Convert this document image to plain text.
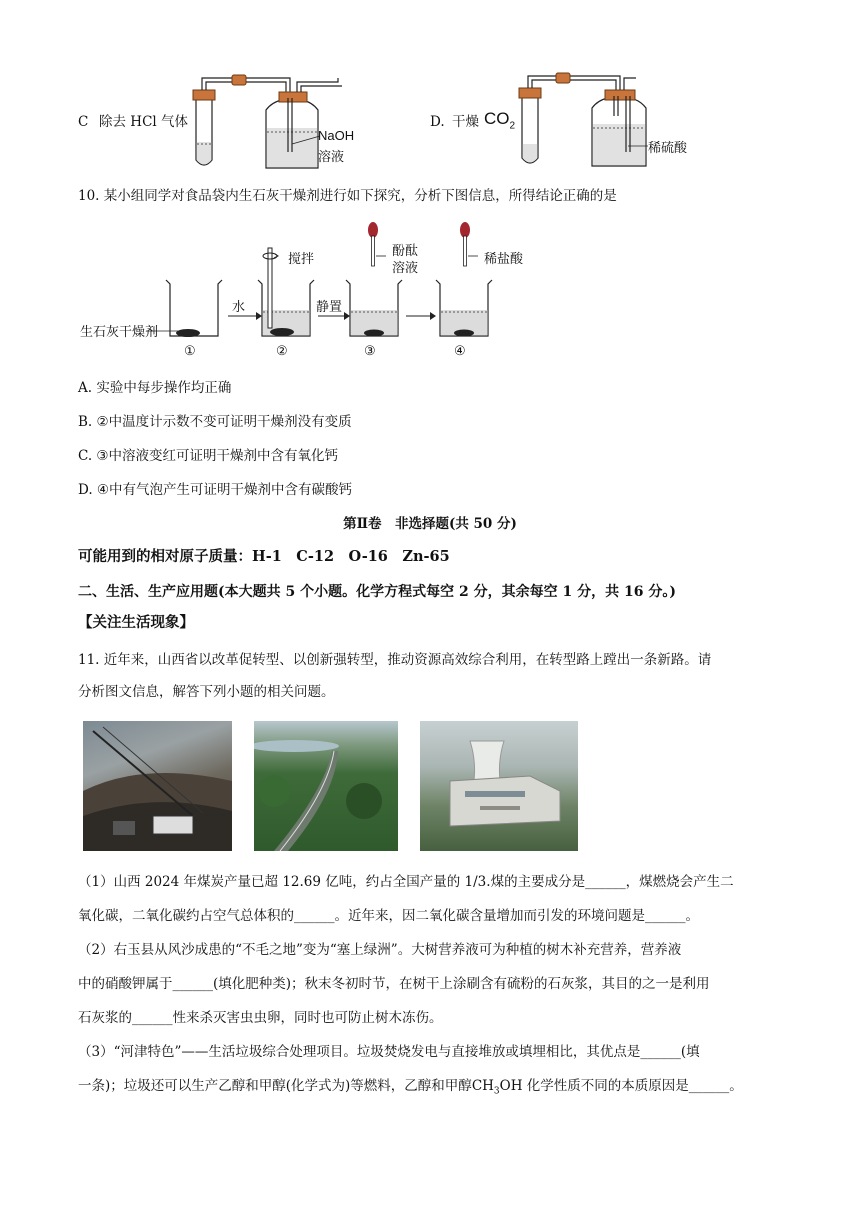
C 除去 HCl 气体
NaOH
溶液
D. 干燥 $CO_2$
稀硫酸
10. 某小组同学对食品袋内生石灰干燥剂进行如下探究，分析下图信息，所得结论正确的是
生石灰干燥剂
水
搅拌
静置
酚酞
溶液
稀盐酸
①	②	③	④
A. 实验中每步操作均正确
B. ②中温度计示数不变可证明干燥剂没有变质
C. ③中溶液变红可证明干燥剂中含有氧化钙
D. ④中有气泡产生可证明干燥剂中含有碳酸钙
第Ⅱ卷　非选择题(共 50 分)
可能用到的相对原子质量：H-1　C-12　O-16　Zn-65
二、生活、生产应用题(本大题共 5 个小题。化学方程式每空 2 分，其余每空 1 分，共 16 分。)
【关注生活现象】
11. 近年来，山西省以改革促转型、以创新强转型，推动资源高效综合利用，在转型路上蹚出一条新路。请
分析图文信息，解答下列小题的相关问题。
（1）山西 2024 年煤炭产量已超 12.69 亿吨，约占全国产量的 1/3.煤的主要成分是______，煤燃烧会产生二
氧化碳，二氧化碳约占空气总体积的______。近年来，因二氧化碳含量增加而引发的环境问题是______。
（2）右玉县从风沙成患的“不毛之地”变为“塞上绿洲”。大树营养液可为种植的树木补充营养，营养液
中的硝酸钾属于______(填化肥种类)；秋末冬初时节，在树干上涂刷含有硫粉的石灰浆，其目的之一是利用
石灰浆的______性来杀灭害虫虫卵，同时也可防止树木冻伤。
（3）“河津特色”——生活垃圾综合处理项目。垃圾焚烧发电与直接堆放或填埋相比，其优点是______(填
一条)；垃圾还可以生产乙醇和甲醇(化学式为)等燃料，乙醇和甲醇$CH_3OH$ 化学性质不同的本质原因是______。
